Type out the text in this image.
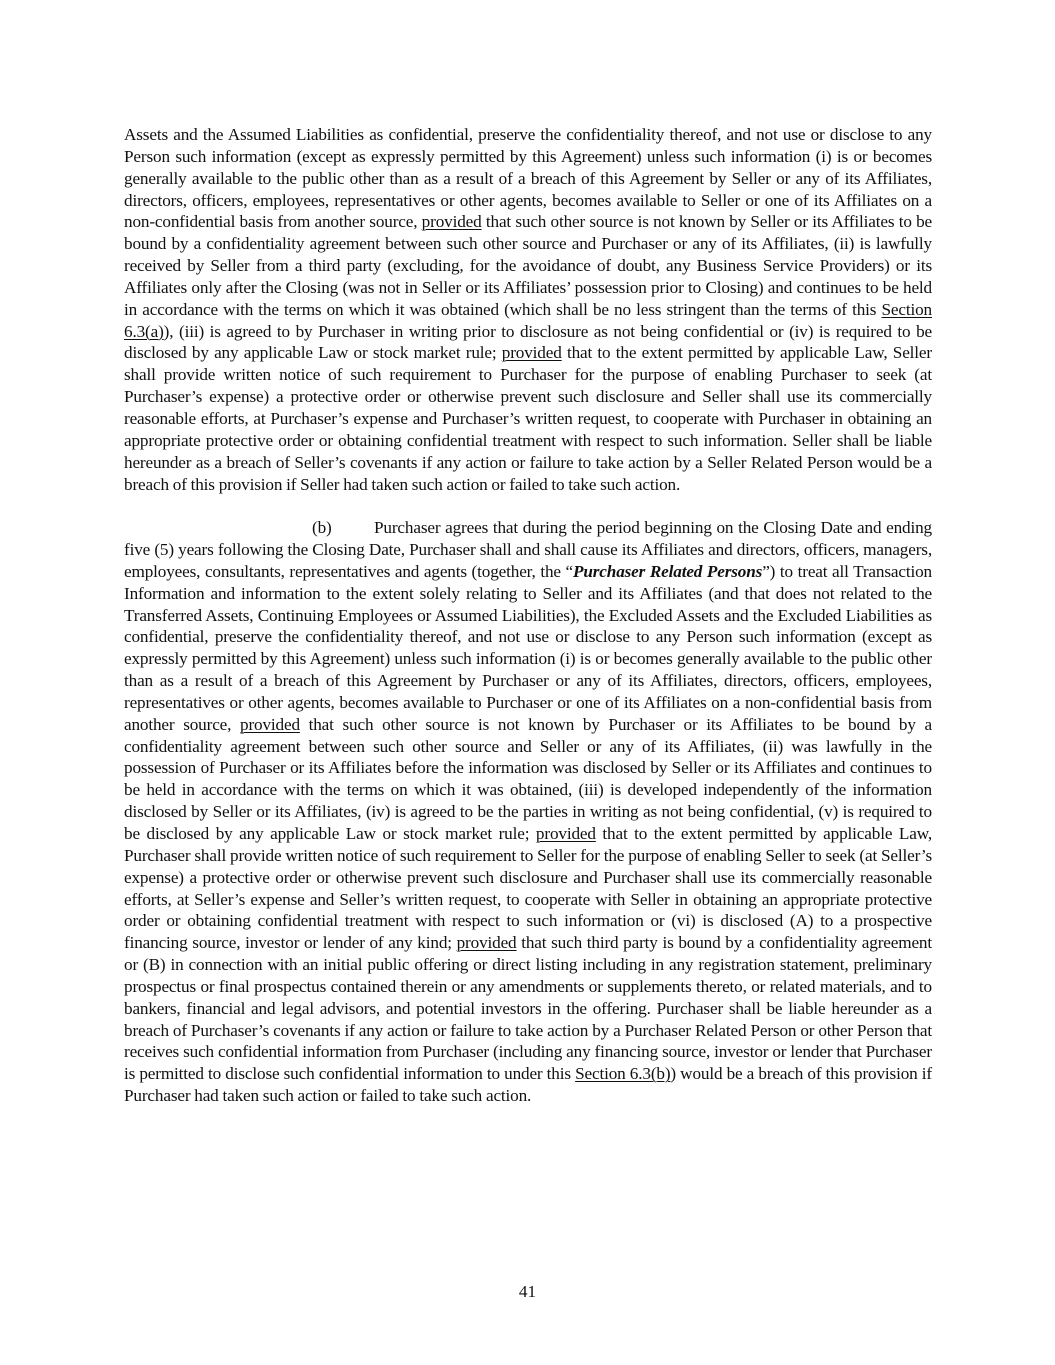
Assets and the Assumed Liabilities as confidential, preserve the confidentiality thereof, and not use or disclose to any Person such information (except as expressly permitted by this Agreement) unless such information (i) is or becomes generally available to the public other than as a result of a breach of this Agreement by Seller or any of its Affiliates, directors, officers, employees, representatives or other agents, becomes available to Seller or one of its Affiliates on a non-confidential basis from another source, provided that such other source is not known by Seller or its Affiliates to be bound by a confidentiality agreement between such other source and Purchaser or any of its Affiliates, (ii) is lawfully received by Seller from a third party (excluding, for the avoidance of doubt, any Business Service Providers) or its Affiliates only after the Closing (was not in Seller or its Affiliates’ possession prior to Closing) and continues to be held in accordance with the terms on which it was obtained (which shall be no less stringent than the terms of this Section 6.3(a)), (iii) is agreed to by Purchaser in writing prior to disclosure as not being confidential or (iv) is required to be disclosed by any applicable Law or stock market rule; provided that to the extent permitted by applicable Law, Seller shall provide written notice of such requirement to Purchaser for the purpose of enabling Purchaser to seek (at Purchaser’s expense) a protective order or otherwise prevent such disclosure and Seller shall use its commercially reasonable efforts, at Purchaser’s expense and Purchaser’s written request, to cooperate with Purchaser in obtaining an appropriate protective order or obtaining confidential treatment with respect to such information. Seller shall be liable hereunder as a breach of Seller’s covenants if any action or failure to take action by a Seller Related Person would be a breach of this provision if Seller had taken such action or failed to take such action.

(b) Purchaser agrees that during the period beginning on the Closing Date and ending five (5) years following the Closing Date, Purchaser shall and shall cause its Affiliates and directors, officers, managers, employees, consultants, representatives and agents (together, the “Purchaser Related Persons”) to treat all Transaction Information and information to the extent solely relating to Seller and its Affiliates (and that does not related to the Transferred Assets, Continuing Employees or Assumed Liabilities), the Excluded Assets and the Excluded Liabilities as confidential, preserve the confidentiality thereof, and not use or disclose to any Person such information (except as expressly permitted by this Agreement) unless such information (i) is or becomes generally available to the public other than as a result of a breach of this Agreement by Purchaser or any of its Affiliates, directors, officers, employees, representatives or other agents, becomes available to Purchaser or one of its Affiliates on a non-confidential basis from another source, provided that such other source is not known by Purchaser or its Affiliates to be bound by a confidentiality agreement between such other source and Seller or any of its Affiliates, (ii) was lawfully in the possession of Purchaser or its Affiliates before the information was disclosed by Seller or its Affiliates and continues to be held in accordance with the terms on which it was obtained, (iii) is developed independently of the information disclosed by Seller or its Affiliates, (iv) is agreed to be the parties in writing as not being confidential, (v) is required to be disclosed by any applicable Law or stock market rule; provided that to the extent permitted by applicable Law, Purchaser shall provide written notice of such requirement to Seller for the purpose of enabling Seller to seek (at Seller’s expense) a protective order or otherwise prevent such disclosure and Purchaser shall use its commercially reasonable efforts, at Seller’s expense and Seller’s written request, to cooperate with Seller in obtaining an appropriate protective order or obtaining confidential treatment with respect to such information or (vi) is disclosed (A) to a prospective financing source, investor or lender of any kind; provided that such third party is bound by a confidentiality agreement or (B) in connection with an initial public offering or direct listing including in any registration statement, preliminary prospectus or final prospectus contained therein or any amendments or supplements thereto, or related materials, and to bankers, financial and legal advisors, and potential investors in the offering. Purchaser shall be liable hereunder as a breach of Purchaser’s covenants if any action or failure to take action by a Purchaser Related Person or other Person that receives such confidential information from Purchaser (including any financing source, investor or lender that Purchaser is permitted to disclose such confidential information to under this Section 6.3(b)) would be a breach of this provision if Purchaser had taken such action or failed to take such action.

41
